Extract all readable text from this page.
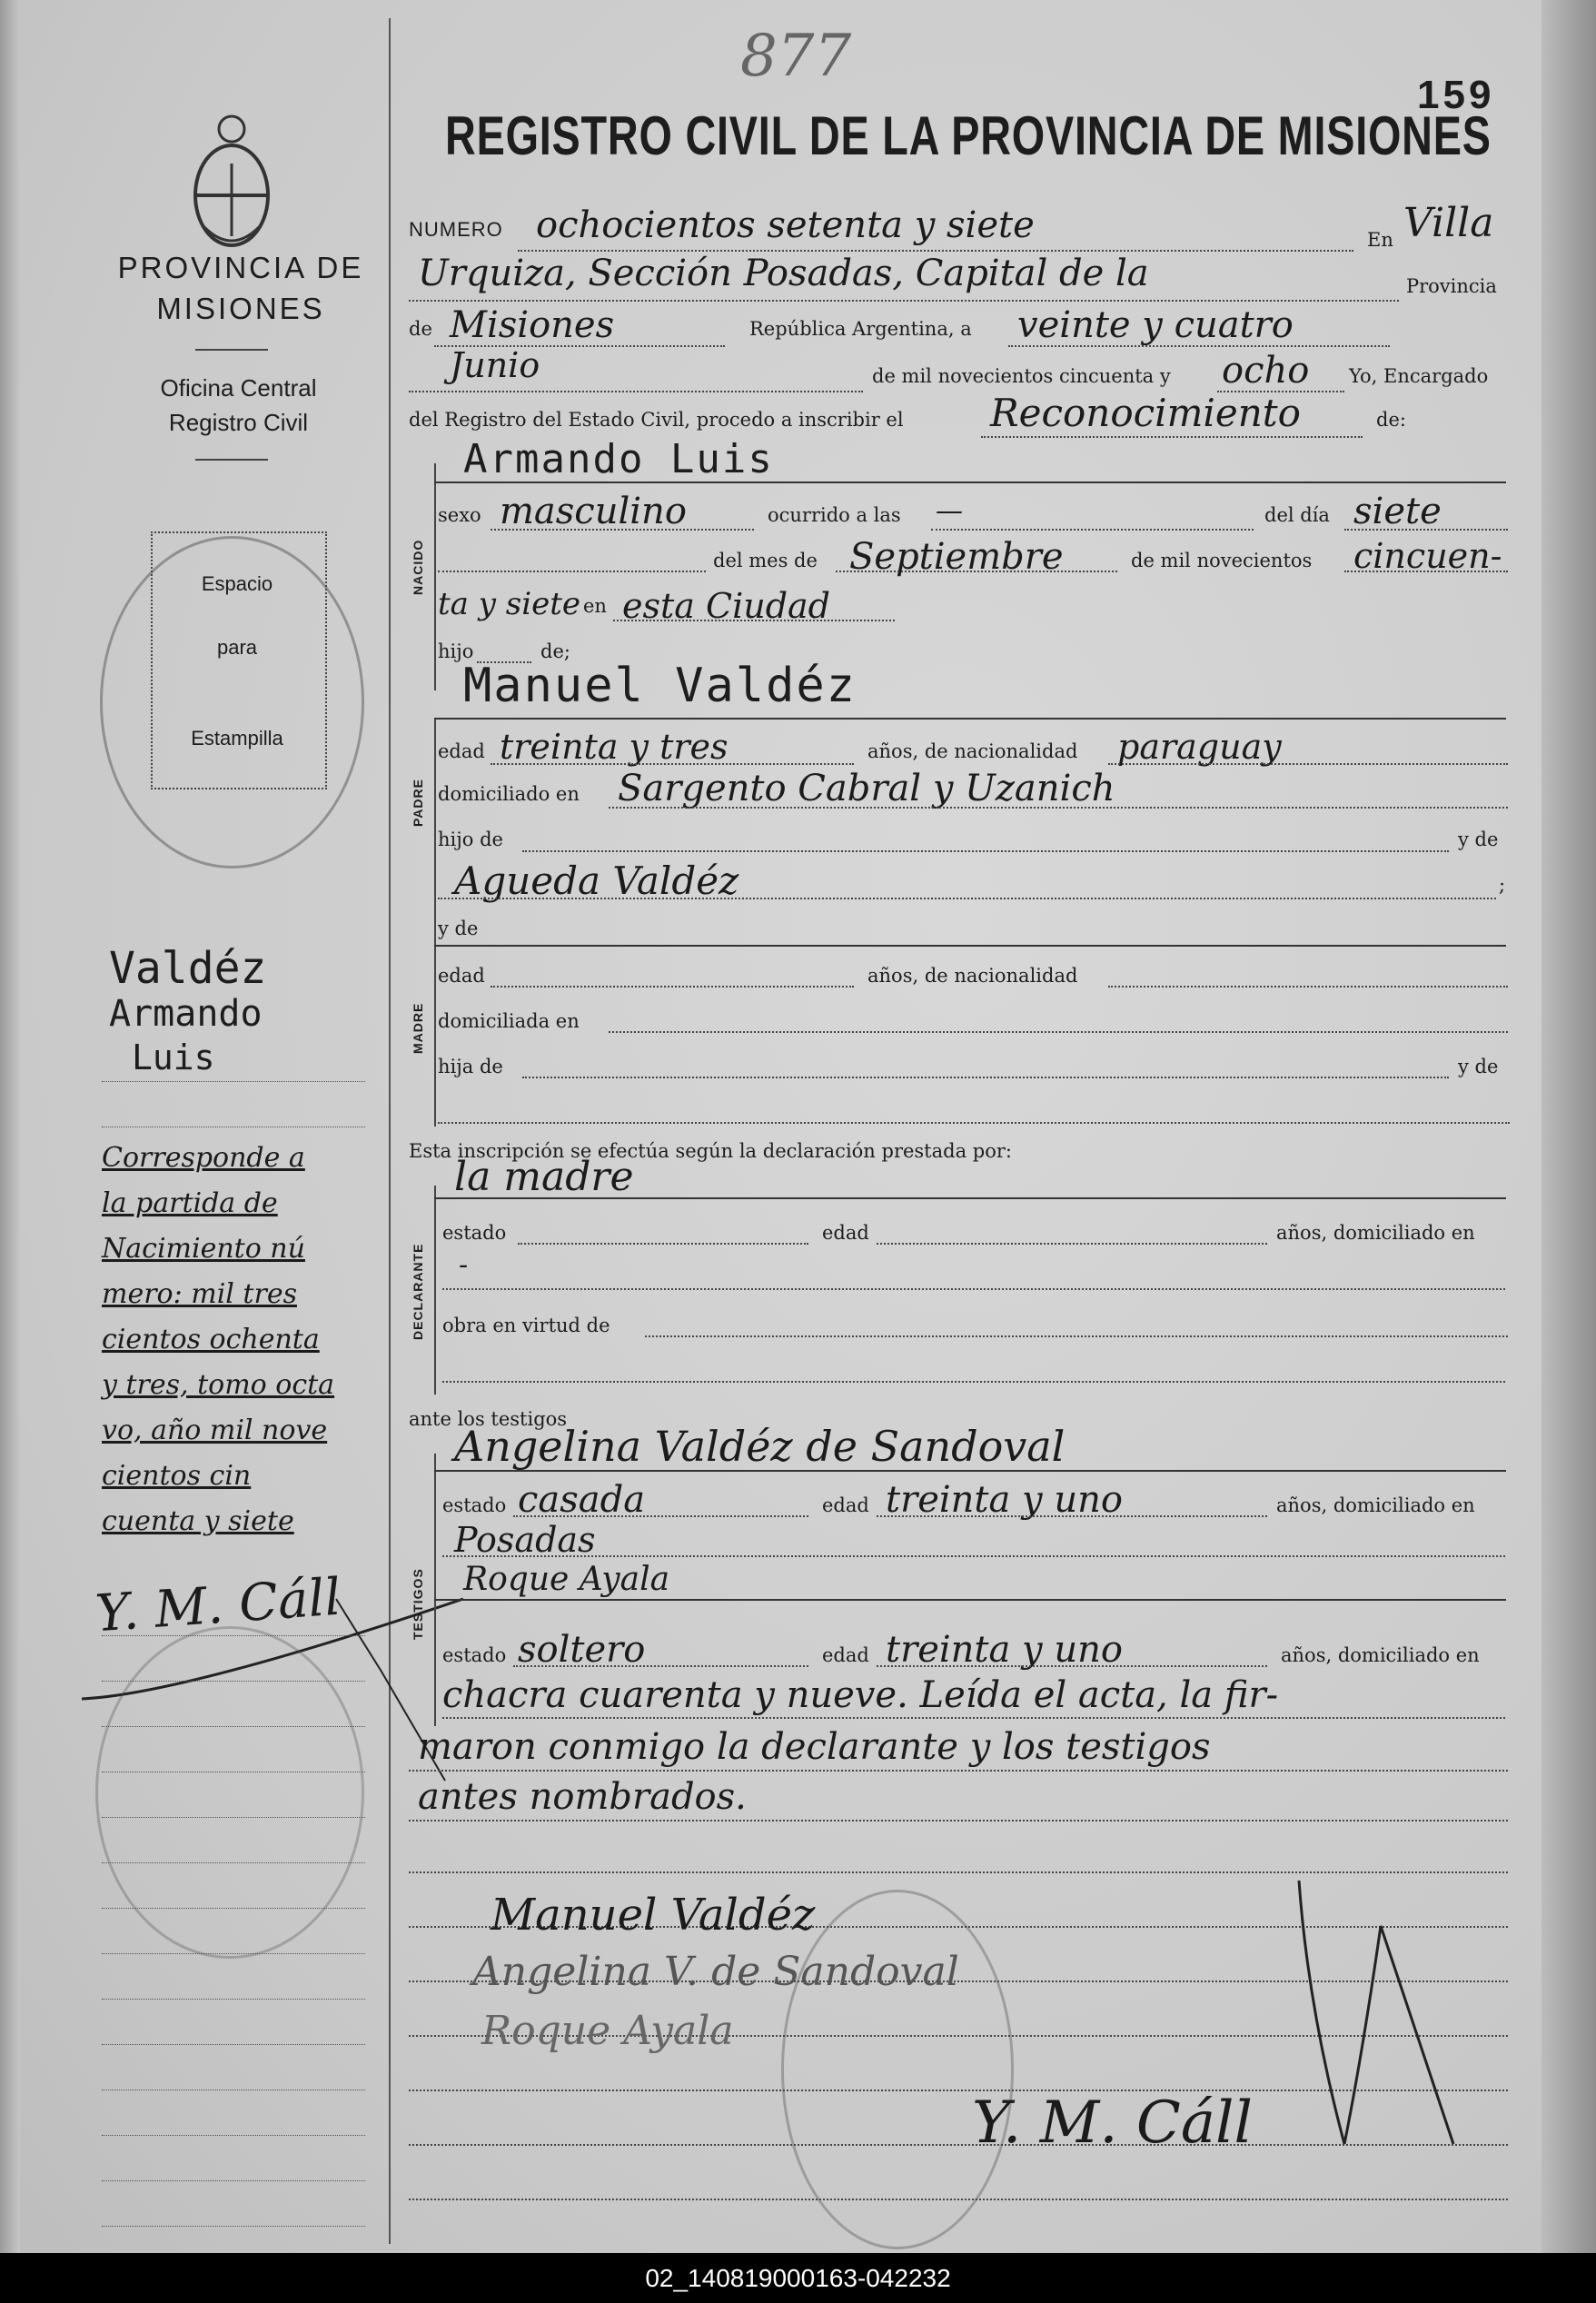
877
159
REGISTRO CIVIL DE LA PROVINCIA DE MISIONES
PROVINCIA DE MISIONES
Oficina Central
Registro Civil
Espacio
para
Estampilla
Valdéz
Armando
Luis
Corresponde a
la partida de
Nacimiento nú
mero: mil tres
cientos ochenta
y tres, tomo octa
vo, año mil nove
cientos cin
cuenta y siete
Y. M. Cáll
NUMERO ochocientos setenta y siete	En Villa
Urquiza, Sección Posadas, Capital de la	Provincia
de Misiones	República Argentina, a veinte y cuatro
Junio	de mil novecientos cincuenta y ocho Yo, Encargado
del Registro del Estado Civil, procedo a inscribir el Reconocimiento	de:
NACIDO
Armando Luis
sexo masculino	ocurrido a las —	del día siete
del mes de Septiembre	de mil novecientos cincuen-
ta y siete en esta Ciudad
hijo	de;
PADRE
Manuel Valdéz
edad treinta y tres	años, de nacionalidad paraguay
domiciliado en Sargento Cabral y Uzanich
hijo de	y de
Agueda Valdéz	;
MADRE
y de
edad	años, de nacionalidad
domiciliada en
hija de	y de
Esta inscripción se efectúa según la declaración prestada por:
DECLARANTE
la madre
estado	edad	años, domiciliado en
-
obra en virtud de
ante los testigos
TESTIGOS
Angelina Valdéz de Sandoval
estado casada	edad treinta y uno	años, domiciliado en
Posadas
Roque Ayala
estado soltero	edad treinta y uno	años, domiciliado en
chacra cuarenta y nueve. Leída el acta, la fir-
maron conmigo la declarante y los testigos
antes nombrados.
Manuel Valdéz
Angelina V. de Sandoval
Roque Ayala
Y. M. Cáll
02_140819000163-042232
